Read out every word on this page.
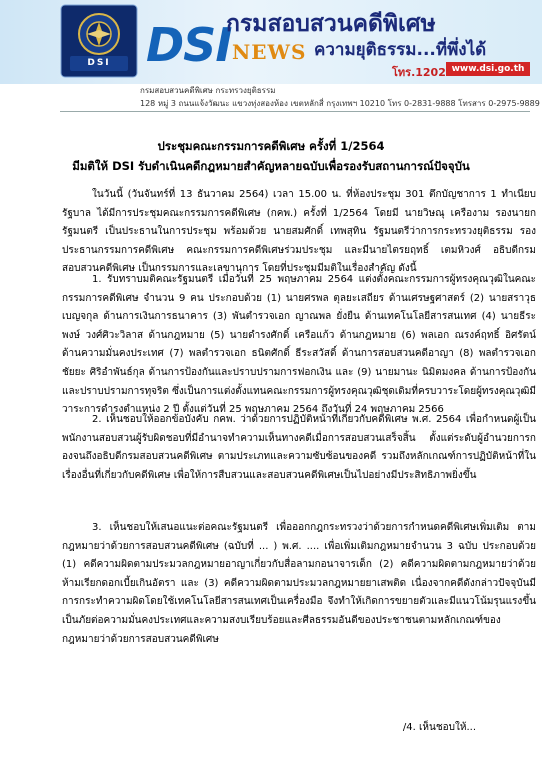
DSI DSI NEWS
กรมสอบสวนคดีพิเศษ
ความยุติธรรม...ที่พึ่งได้
โทร.1202 www.dsi.go.th
กรมสอบสวนคดีพิเศษ กระทรวงยุติธรรม
128 หมู่ 3 ถนนแจ้งวัฒนะ แขวงทุ่งสองห้อง เขตหลักสี่ กรุงเทพฯ 10210 โทร 0-2831-9888 โทรสาร 0-2975-9889
ประชุมคณะกรรมการคดีพิเศษ ครั้งที่ 1/2564
มีมติให้ DSI รับดำเนินคดีกฎหมายสำคัญหลายฉบับเพื่อรองรับสถานการณ์ปัจจุบัน
ในวันนี้ (วันจันทร์ที่ 13 ธันวาคม 2564) เวลา 15.00 น. ที่ห้องประชุม 301 ตึกบัญชาการ 1 ทำเนียบรัฐบาล ได้มีการประชุมคณะกรรมการคดีพิเศษ (กคพ.) ครั้งที่ 1/2564 โดยมี นายวิษณุ เครืองาม รองนายกรัฐมนตรี เป็นประธานในการประชุม พร้อมด้วย นายสมศักดิ์ เทพสุทิน รัฐมนตรีว่าการกระทรวงยุติธรรม รองประธานกรรมการคดีพิเศษ คณะกรรมการคดีพิเศษร่วมประชุม และมีนายไตรยฤทธิ์ เตมหิวงศ์ อธิบดีกรมสอบสวนคดีพิเศษ เป็นกรรมการและเลขานุการ โดยที่ประชุมมีมติในเรื่องสำคัญ ดังนี้
1. รับทราบมติคณะรัฐมนตรี เมื่อวันที่ 25 พฤษภาคม 2564 แต่งตั้งคณะกรรมการผู้ทรงคุณวุฒิในคณะกรรมการคดีพิเศษ จำนวน 9 คน ประกอบด้วย (1) นายศรพล ตุลยะเสถียร ด้านเศรษฐศาสตร์ (2) นายสราวุธ เบญจกุล ด้านการเงินการธนาคาร (3) พันตำรวจเอก ญาณพล ยั่งยืน ด้านเทคโนโลยีสารสนเทศ (4) นายธีระพงษ์ วงศ์ศิวะวิลาส ด้านกฎหมาย (5) นายดำรงศักดิ์ เครือแก้ว ด้านกฎหมาย (6) พลเอก ณรงค์ฤทธิ์ อิศรัตน์ ด้านความมั่นคงประเทศ (7) พลตำรวจเอก ธนิตศักดิ์ ธีระสวัสดิ์ ด้านการสอบสวนคดีอาญา (8) พลตำรวจเอก ชัยยะ ศิริอำพันธ์กุล ด้านการป้องกันและปราบปรามการฟอกเงิน และ (9) นายมานะ นิมิตมงคล ด้านการป้องกันและปราบปรามการทุจริต ซึ่งเป็นการแต่งตั้งแทนคณะกรรมการผู้ทรงคุณวุฒิชุดเดิมที่ครบวาระโดยผู้ทรงคุณวุฒิมีวาระการดำรงตำแหน่ง 2 ปี ตั้งแต่วันที่ 25 พฤษภาคม 2564 ถึงวันที่ 24 พฤษภาคม 2566
2. เห็นชอบให้ออกข้อบังคับ กคพ. ว่าด้วยการปฏิบัติหน้าที่เกี่ยวกับคดีพิเศษ พ.ศ. 2564 เพื่อกำหนดผู้เป็นพนักงานสอบสวนผู้รับผิดชอบที่มีอำนาจทำความเห็นทางคดีเมื่อการสอบสวนเสร็จสิ้น ตั้งแต่ระดับผู้อำนวยการกองจนถึงอธิบดีกรมสอบสวนคดีพิเศษ ตามประเภทและความซับซ้อนของคดี รวมถึงหลักเกณฑ์การปฏิบัติหน้าที่ในเรื่องอื่นที่เกี่ยวกับคดีพิเศษ เพื่อให้การสืบสวนและสอบสวนคดีพิเศษเป็นไปอย่างมีประสิทธิภาพยิ่งขึ้น
3. เห็นชอบให้เสนอแนะต่อคณะรัฐมนตรี เพื่อออกกฎกระทรวงว่าด้วยการกำหนดคดีพิเศษเพิ่มเติม ตามกฎหมายว่าด้วยการสอบสวนคดีพิเศษ (ฉบับที่ ... ) พ.ศ. .... เพื่อเพิ่มเติมกฎหมายจำนวน 3 ฉบับ ประกอบด้วย (1) คดีความผิดตามประมวลกฎหมายอาญาเกี่ยวกับสื่อลามกอนาจารเด็ก (2) คดีความผิดตามกฎหมายว่าด้วยห้ามเรียกดอกเบี้ยเกินอัตรา และ (3) คดีความผิดตามประมวลกฎหมายยาเสพติด เนื่องจากคดีดังกล่าวปัจจุบันมีการกระทำความผิดโดยใช้เทคโนโลยีสารสนเทศเป็นเครื่องมือ จึงทำให้เกิดการขยายตัวและมีแนวโน้มรุนแรงขึ้น เป็นภัยต่อความมั่นคงประเทศและความสงบเรียบร้อยและศีลธรรมอันดีของประชาชนตามหลักเกณฑ์ของกฎหมายว่าด้วยการสอบสวนคดีพิเศษ
/4. เห็นชอบให้...
